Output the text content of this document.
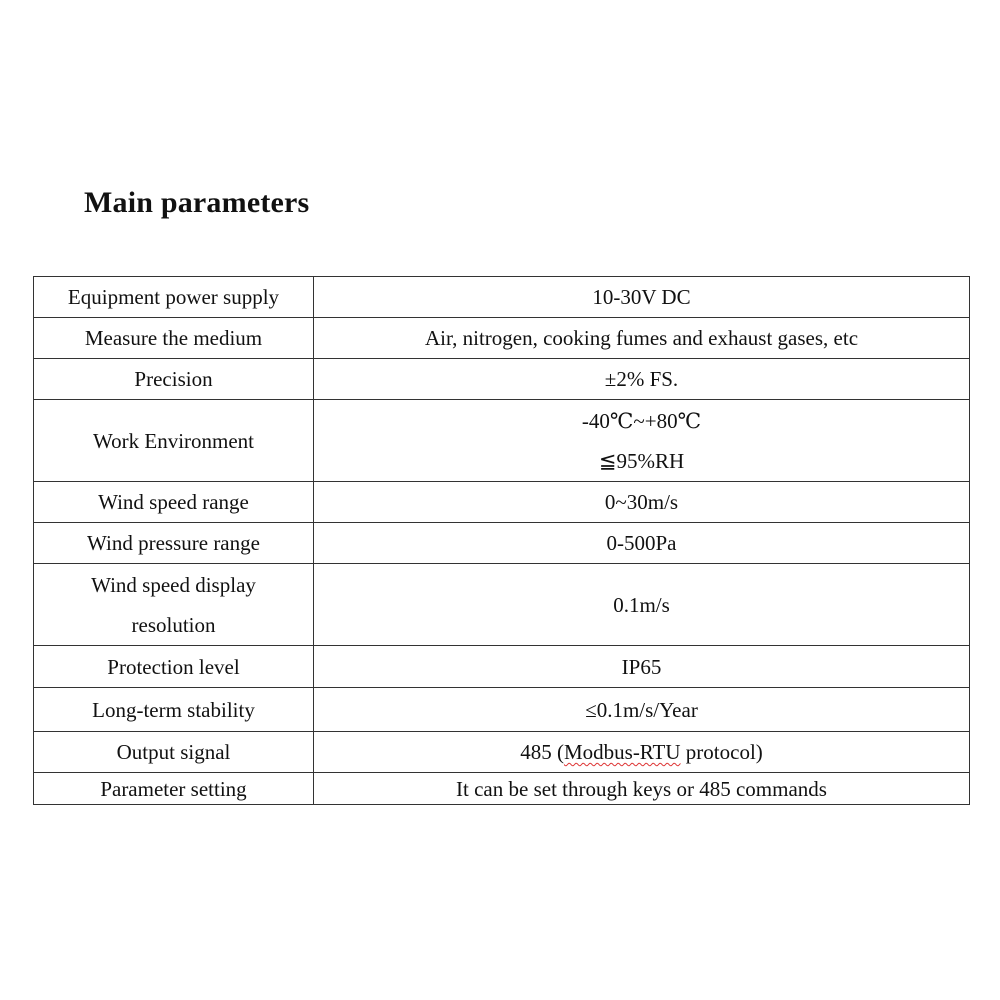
Main parameters
Equipment power supply	10-30V DC
Measure the medium	Air, nitrogen, cooking fumes and exhaust gases, etc
Precision	±2% FS.
Work Environment	-40℃~+80℃
≦95%RH

Wind speed range	0~30m/s
Wind pressure range	0-500Pa

Wind speed display
resolution	0.1m/s
Protection level	IP65
Long-term stability	≤0.1m/s/Year
Output signal	485 (Modbus-RTU protocol)
Parameter setting	It can be set through keys or 485 commands
